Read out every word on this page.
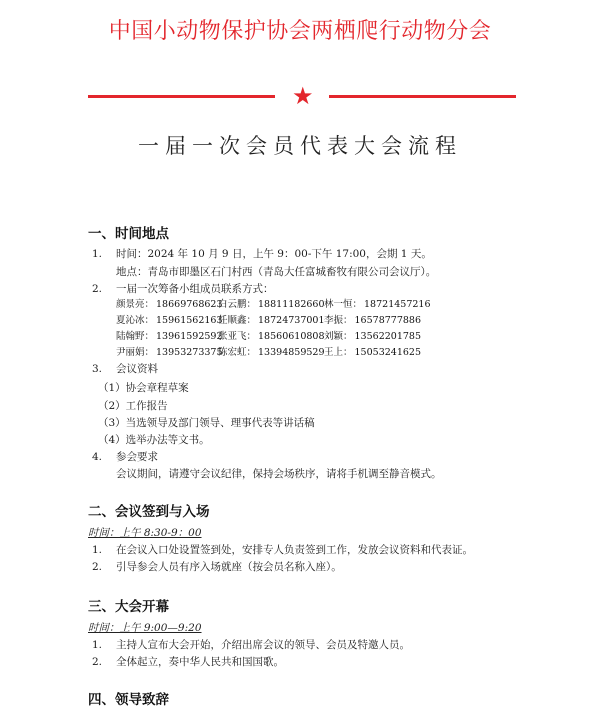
中国小动物保护协会两栖爬行动物分会
★
一届一次会员代表大会流程
一、时间地点
1. 时间：2024 年 10 月 9 日，上午 9：00-下午 17:00，会期 1 天。
地点：青岛市即墨区石门村西（青岛大任富城畜牧有限公司会议厅）。
2. 一届一次筹备小组成员联系方式：
颜景亮： 18669768623
白云鹏： 18811182660 林一恒： 18721457216
夏沁冰： 15961562163
任顺鑫： 18724737001 李振： 16578777886
陆翰野： 13961592592
张亚飞： 18560610808 刘颖： 13562201785
尹丽娟： 13953273375
陈宏虹： 13394859529 王上： 15053241625
3. 会议资料
（1）协会章程草案
（2）工作报告
（3）当选领导及部门领导、理事代表等讲话稿
（4）选举办法等文书。
4. 参会要求
会议期间，请遵守会议纪律，保持会场秩序，请将手机调至静音模式。
二、会议签到与入场
时间：上午 8:30-9：00
1. 在会议入口处设置签到处，安排专人负责签到工作，发放会议资料和代表证。
2. 引导参会人员有序入场就座（按会员名称入座）。
三、大会开幕
时间：上午 9:00—9:20
1. 主持人宣布大会开始，介绍出席会议的领导、会员及特邀人员。
2. 全体起立，奏中华人民共和国国歌。
四、领导致辞
